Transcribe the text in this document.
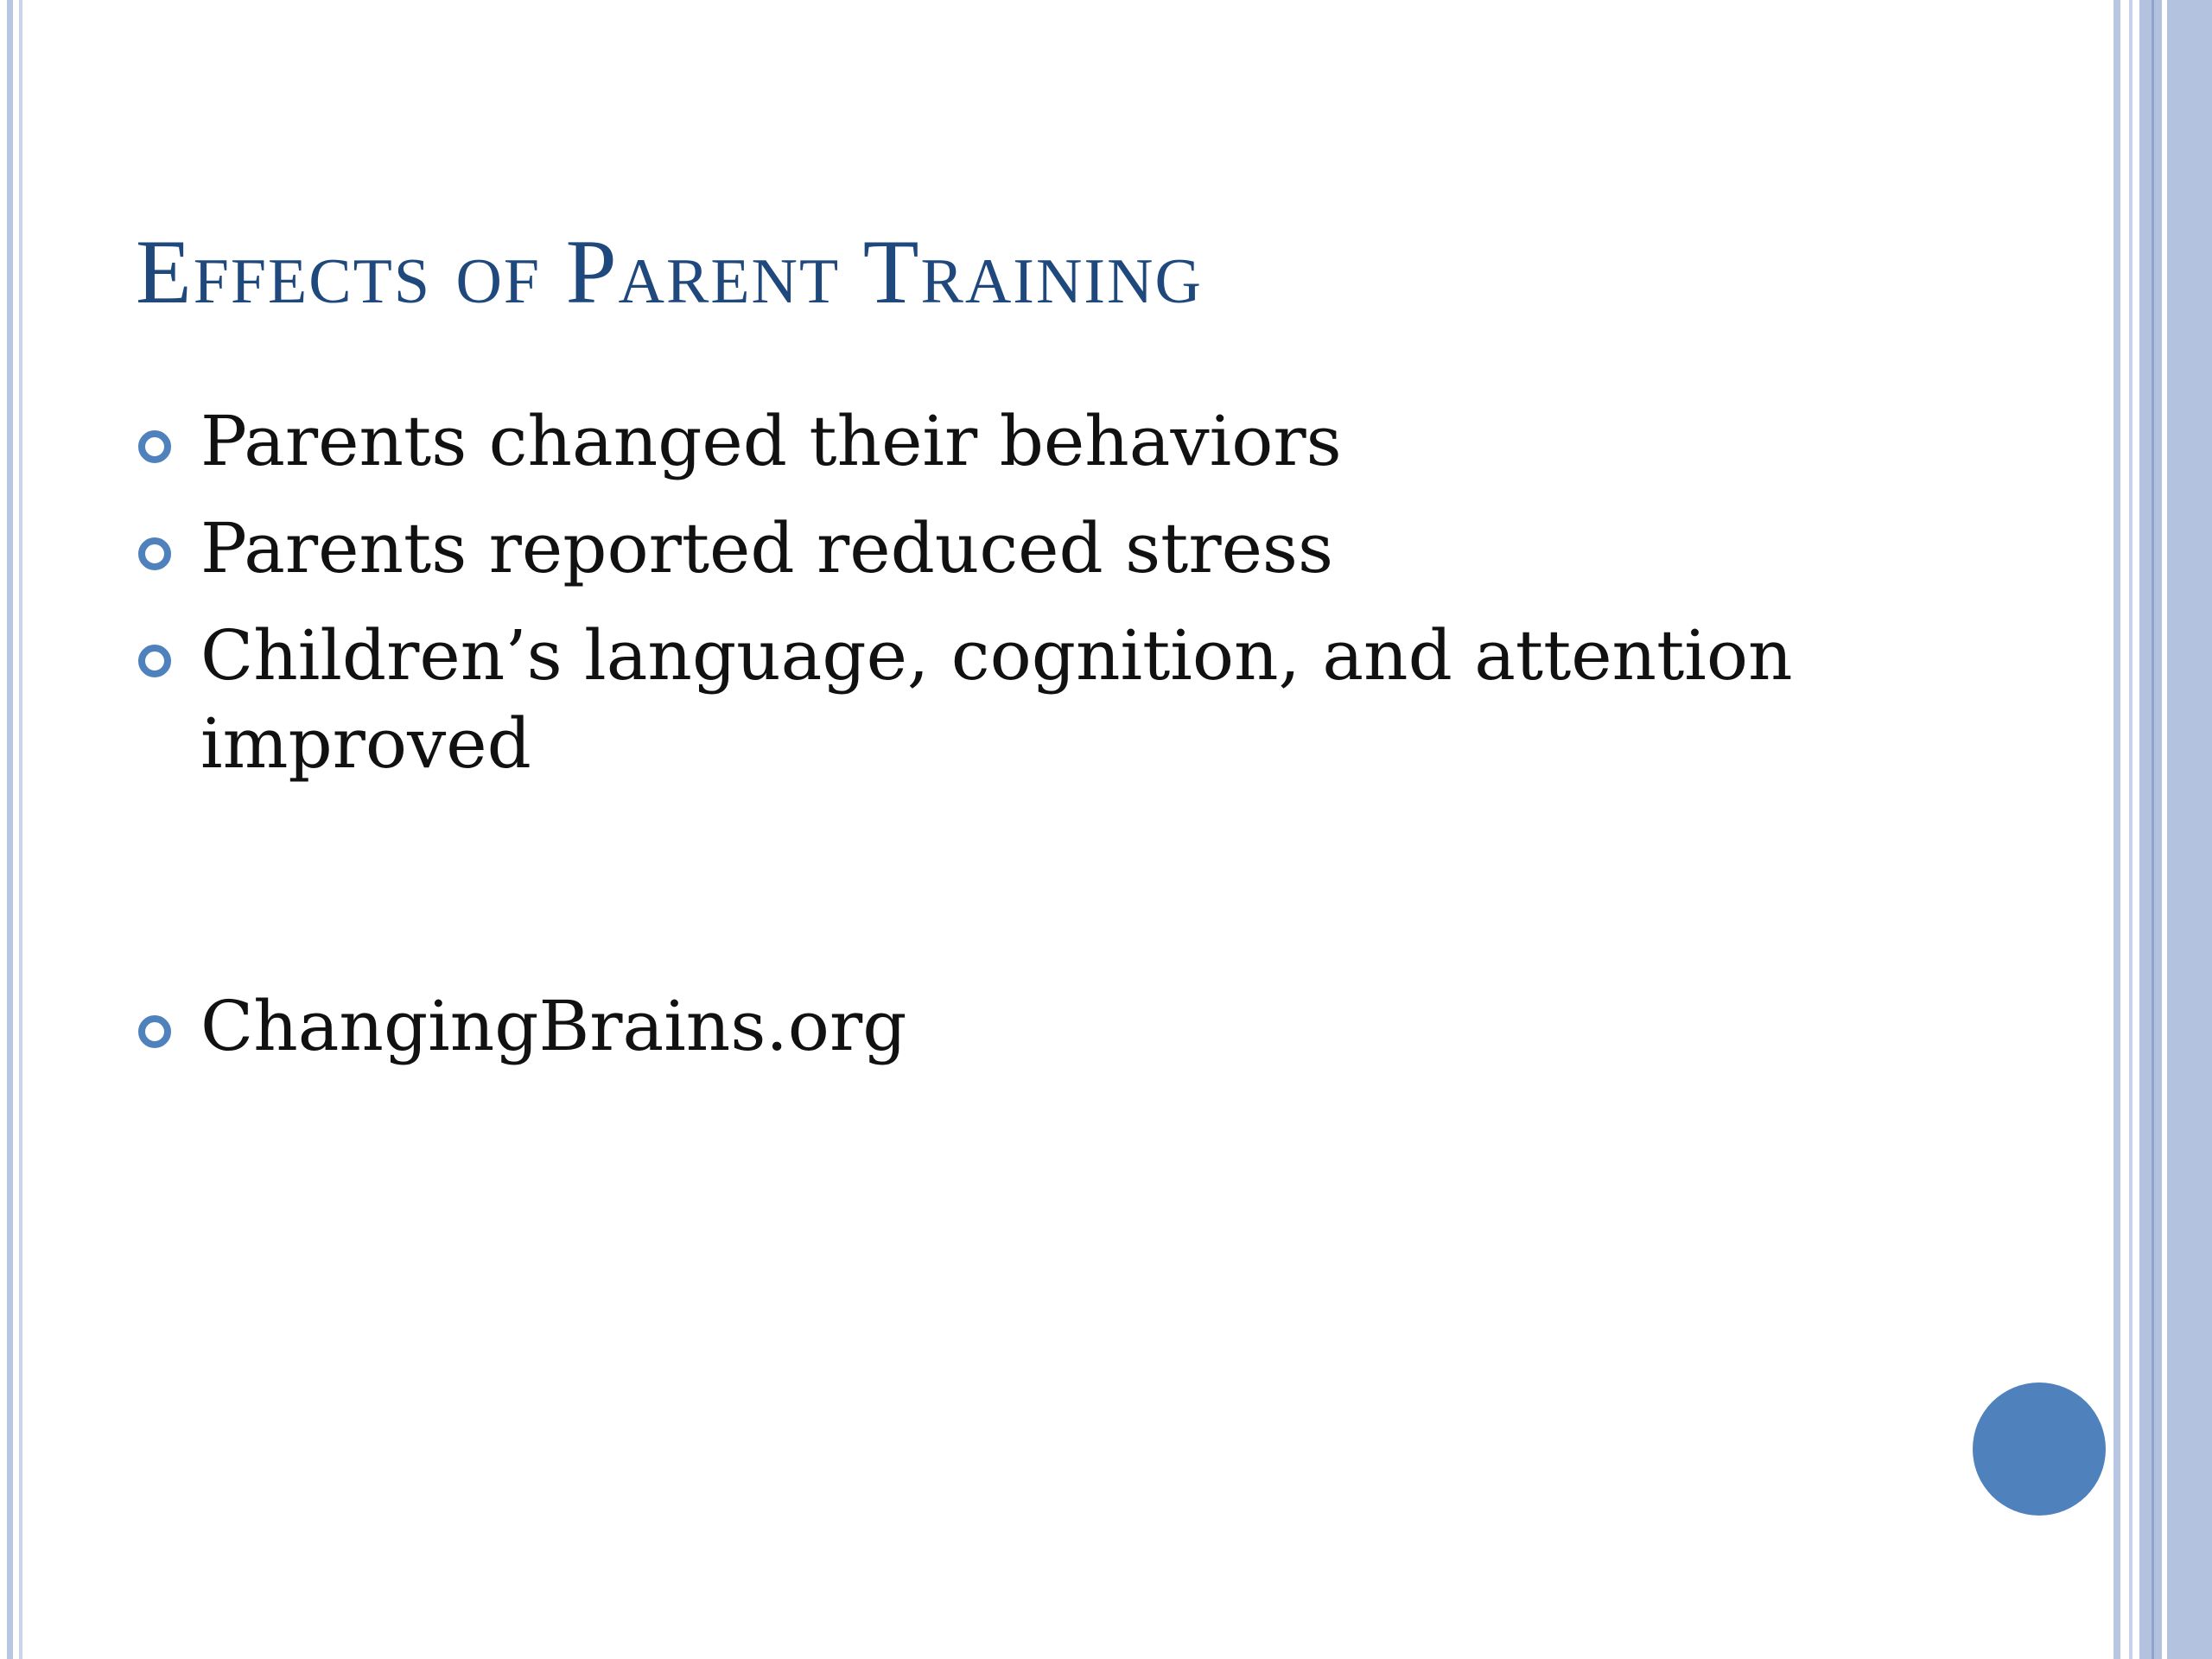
Effects of Parent Training
Parents changed their behaviors
Parents reported reduced stress
Children’s language, cognition, and attention improved
ChangingBrains.org
